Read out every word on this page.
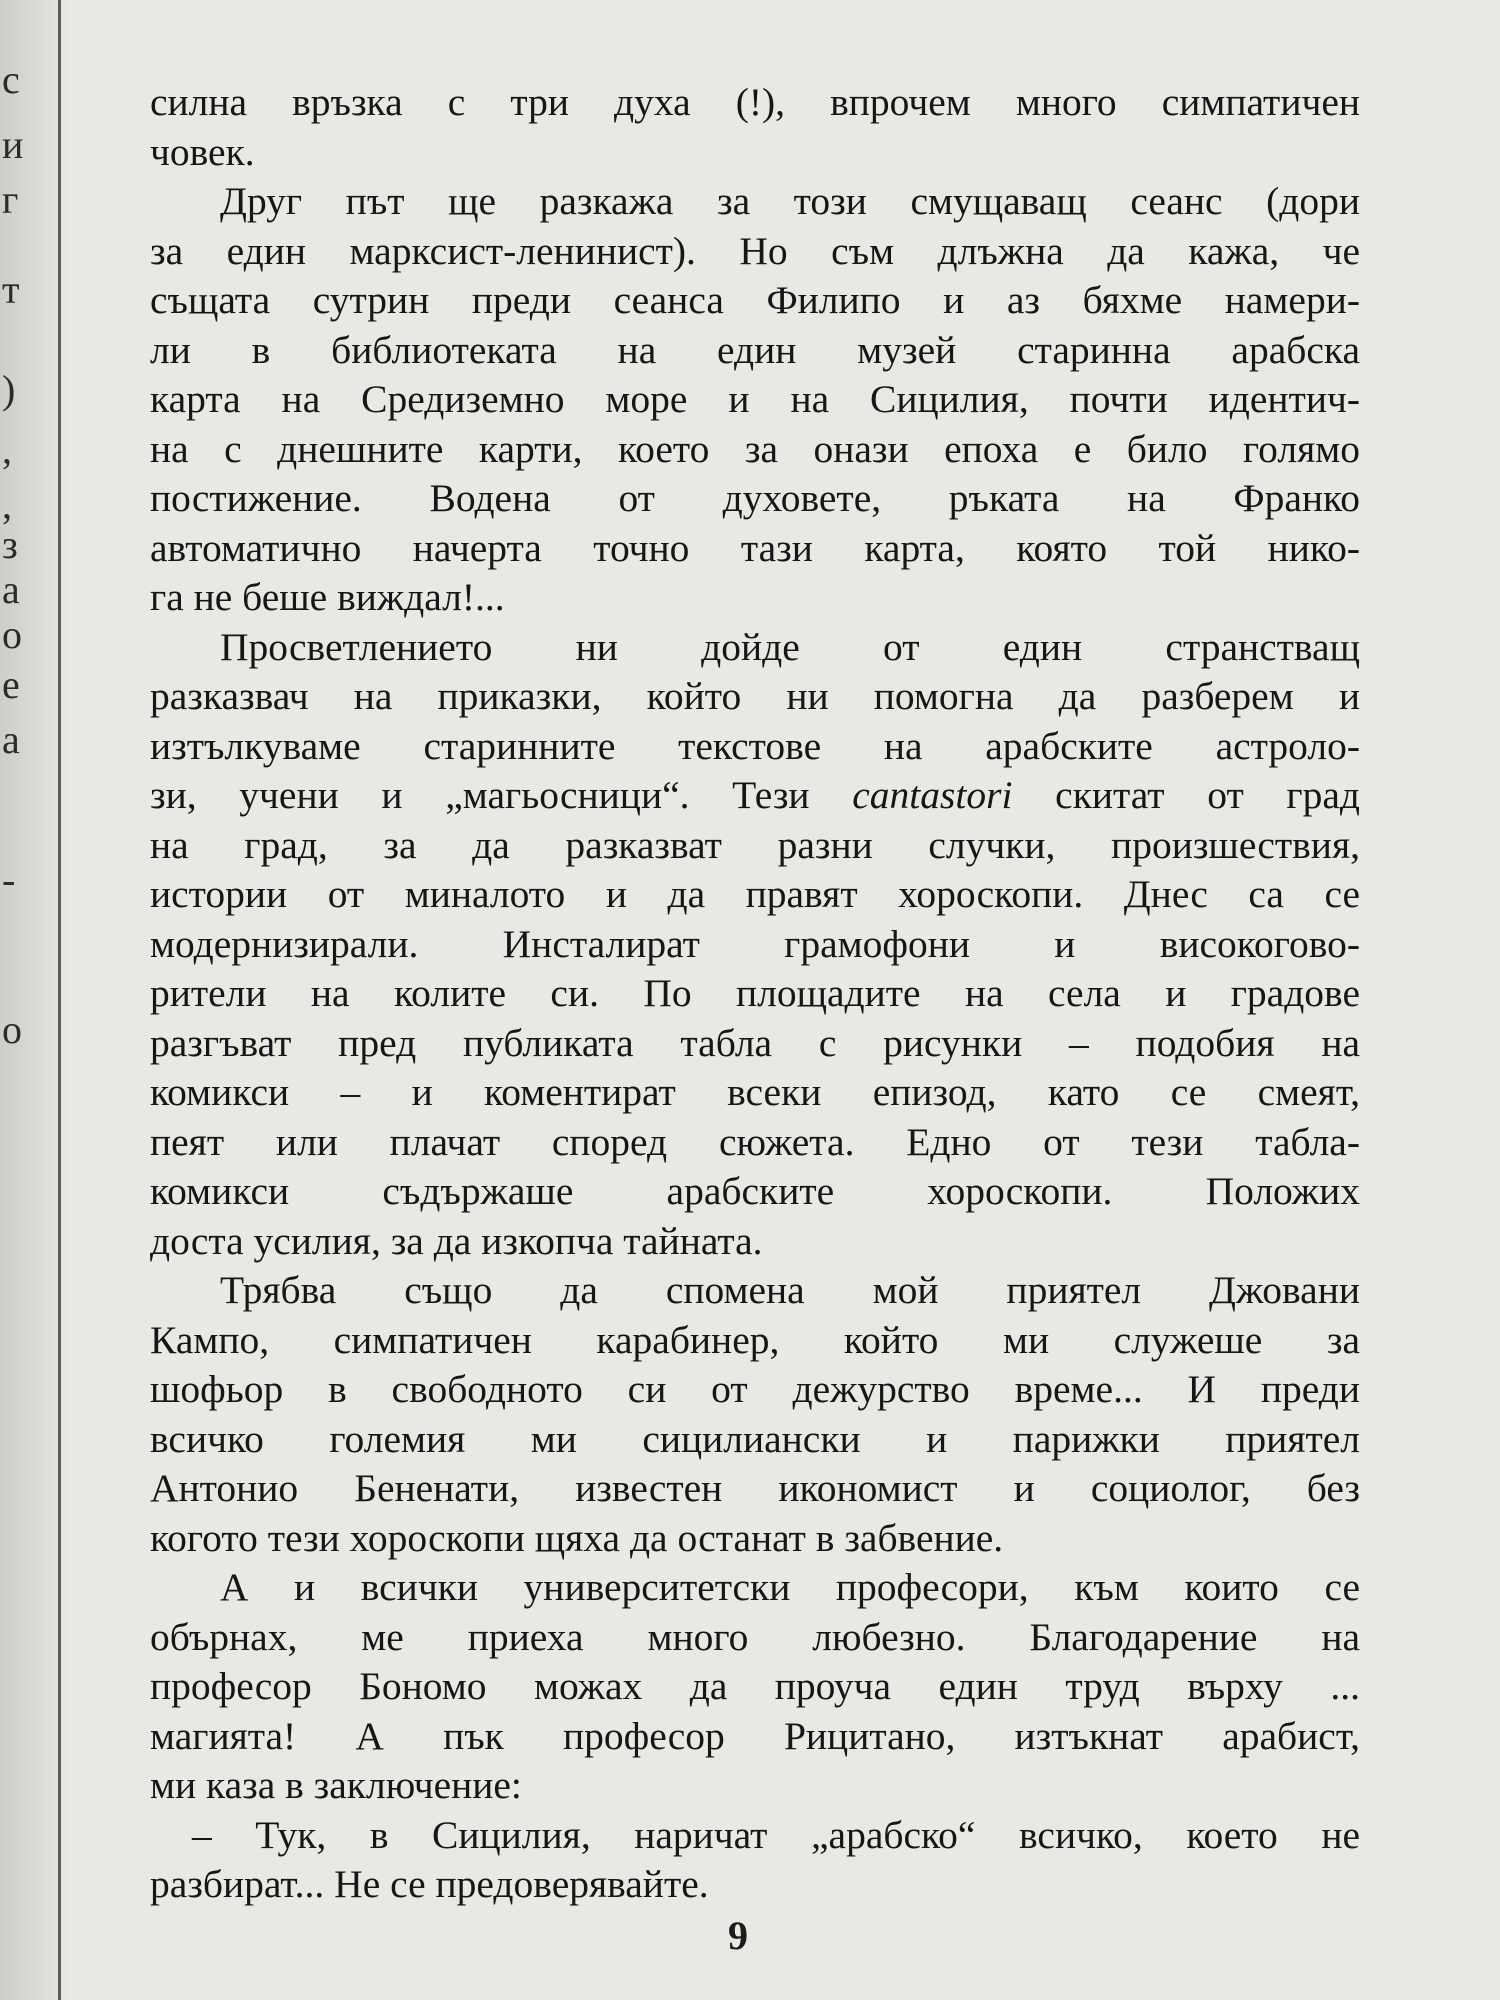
с
и
г
т
)
,
,
з
а
о
е
а
-
о
силна връзка с три духа (!), впрочем много симпатичен
човек.
Друг път ще разкажа за този смущаващ сеанс (дори
за един марксист-ленинист). Но съм длъжна да кажа, че
същата сутрин преди сеанса Филипо и аз бяхме намери-
ли в библиотеката на един музей старинна арабска
карта на Средиземно море и на Сицилия, почти идентич-
на с днешните карти, което за онази епоха е било голямо
постижение. Водена от духовете, ръката на Франко
автоматично начерта точно тази карта, която той нико-
га не беше виждал!...
Просветлението ни дойде от един странстващ
разказвач на приказки, който ни помогна да разберем и
изтълкуваме старинните текстове на арабските астроло-
зи, учени и „магьосници“. Тези cantastori скитат от град
на град, за да разказват разни случки, произшествия,
истории от миналото и да правят хороскопи. Днес са се
модернизирали. Инсталират грамофони и високогово-
рители на колите си. По площадите на села и градове
разгъват пред публиката табла с рисунки – подобия на
комикси – и коментират всеки епизод, като се смеят,
пеят или плачат според сюжета. Едно от тези табла-
комикси съдържаше арабските хороскопи. Положих
доста усилия, за да изкопча тайната.
Трябва също да спомена мой приятел Джовани
Кампо, симпатичен карабинер, който ми служеше за
шофьор в свободното си от дежурство време... И преди
всичко големия ми сицилиански и парижки приятел
Антонио Бененати, известен икономист и социолог, без
когото тези хороскопи щяха да останат в забвение.
А и всички университетски професори, към които се
обърнах, ме приеха много любезно. Благодарение на
професор Бономо можах да проуча един труд върху ...
магията! А пък професор Рицитано, изтъкнат арабист,
ми каза в заключение:
– Тук, в Сицилия, наричат „арабско“ всичко, което не
разбират... Не се предоверявайте.
9
